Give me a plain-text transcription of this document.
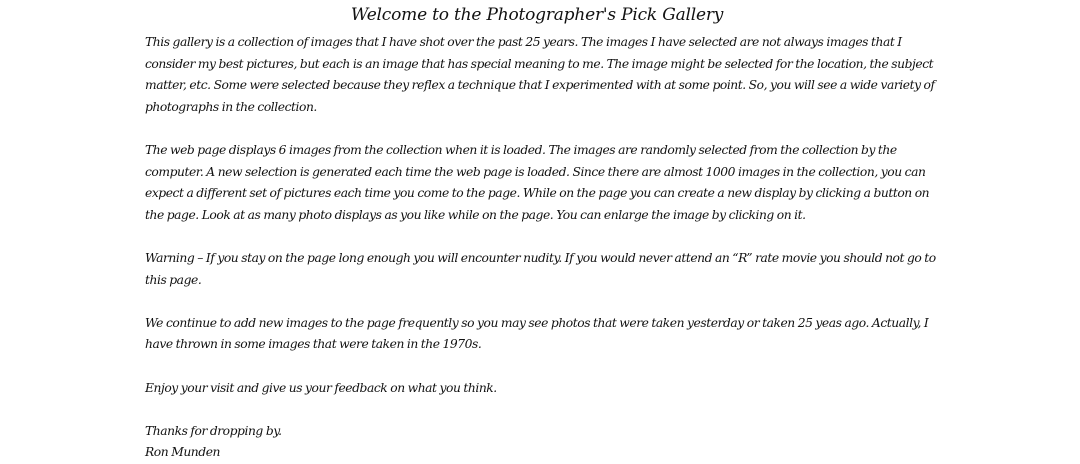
Welcome to the Photographer's Pick Gallery

This gallery is a collection of images that I have shot over the past 25 years. The images I have selected are not always images that I consider my best pictures, but each is an image that has special meaning to me. The image might be selected for the location, the subject matter, etc. Some were selected because they reflex a technique that I experimented with at some point. So, you will see a wide variety of photographs in the collection.

The web page displays 6 images from the collection when it is loaded. The images are randomly selected from the collection by the computer. A new selection is generated each time the web page is loaded. Since there are almost 1000 images in the collection, you can expect a different set of pictures each time you come to the page. While on the page you can create a new display by clicking a button on the page. Look at as many photo displays as you like while on the page. You can enlarge the image by clicking on it.

Warning – If you stay on the page long enough you will encounter nudity. If you would never attend an “R” rate movie you should not go to this page.

We continue to add new images to the page frequently so you may see photos that were taken yesterday or taken 25 yeas ago. Actually, I have thrown in some images that were taken in the 1970s.

Enjoy your visit and give us your feedback on what you think.

Thanks for dropping by.
Ron Munden
